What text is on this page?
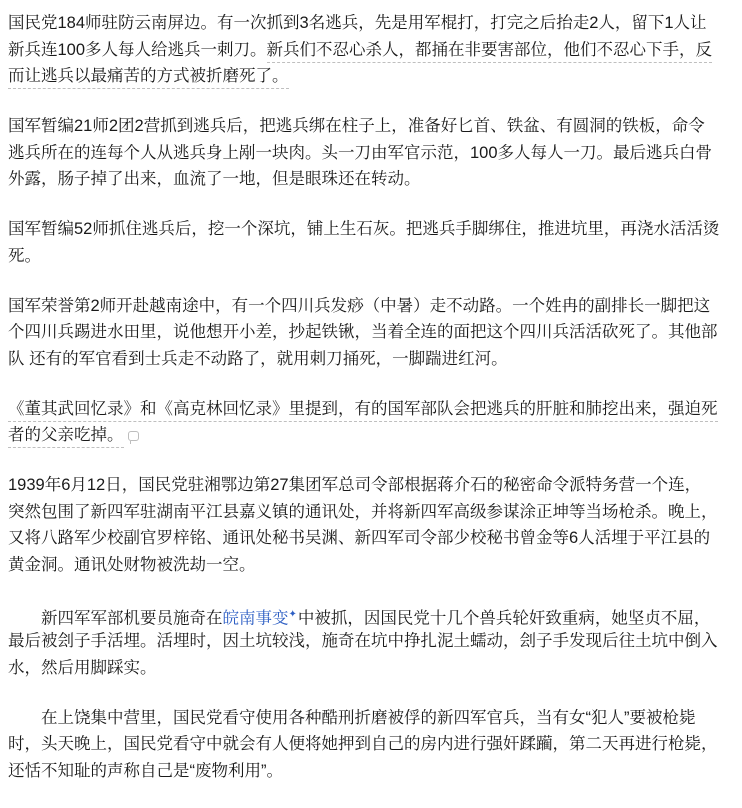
国民党184师驻防云南屏边。有一次抓到3名逃兵，先是用军棍打，打完之后抬走2人，留下1人让
新兵连100多人每人给逃兵一刺刀。新兵们不忍心杀人，都捅在非要害部位，他们不忍心下手，反
而让逃兵以最痛苦的方式被折磨死了。

国军暂编21师2团2营抓到逃兵后，把逃兵绑在柱子上，准备好匕首、铁盆、有圆洞的铁板，命令
逃兵所在的连每个人从逃兵身上剐一块肉。头一刀由军官示范，100多人每人一刀。最后逃兵白骨
外露，肠子掉了出来，血流了一地，但是眼珠还在转动。

国军暂编52师抓住逃兵后，挖一个深坑，铺上生石灰。把逃兵手脚绑住，推进坑里，再浇水活活烫
死。

国军荣誉第2师开赴越南途中，有一个四川兵发痧（中暑）走不动路。一个姓冉的副排长一脚把这
个四川兵踢进水田里，说他想开小差，抄起铁锹，当着全连的面把这个四川兵活活砍死了。其他部
队 还有的军官看到士兵走不动路了，就用刺刀捅死，一脚踹进红河。

《董其武回忆录》和《高克林回忆录》里提到，有的国军部队会把逃兵的肝脏和肺挖出来，强迫死
者的父亲吃掉。

1939年6月12日，国民党驻湘鄂边第27集团军总司令部根据蒋介石的秘密命令派特务营一个连，
突然包围了新四军驻湖南平江县嘉义镇的通讯处，并将新四军高级参谋涂正坤等当场枪杀。晚上，
又将八路军少校副官罗梓铭、通讯处秘书吴渊、新四军司令部少校秘书曾金等6人活埋于平江县的
黄金洞。通讯处财物被洗劫一空。

新四军军部机要员施奇在皖南事变✦中被抓，因国民党十几个兽兵轮奸致重病，她坚贞不屈，
最后被刽子手活埋。活埋时，因土坑较浅，施奇在坑中挣扎泥土蠕动，刽子手发现后往土坑中倒入
水，然后用脚踩实。

在上饶集中营里，国民党看守使用各种酷刑折磨被俘的新四军官兵，当有女“犯人”要被枪毙
时，头天晚上，国民党看守中就会有人便将她押到自己的房内进行强奸蹂躏，第二天再进行枪毙，
还恬不知耻的声称自己是“废物利用”。
